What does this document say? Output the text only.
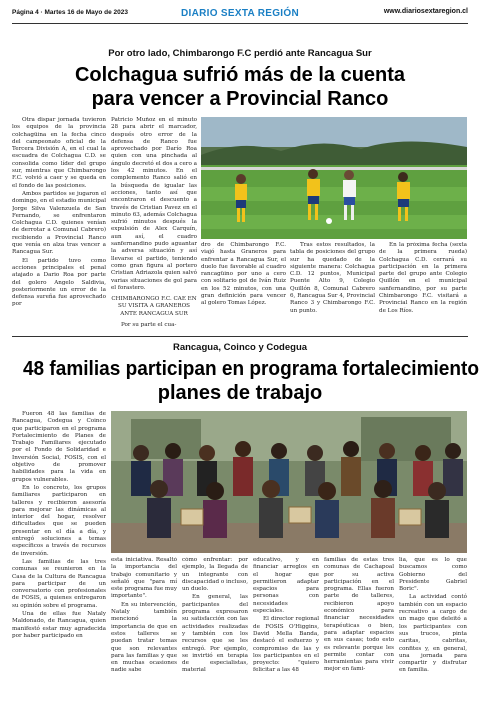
Página 4 · Martes 16 de Mayo de 2023	DIARIO SEXTA REGIÓN	www.diariosextaregion.cl
Por otro lado, Chimbarongo F.C perdió ante Rancagua Sur
Colchagua sufrió más de la cuenta
para vencer a Provincial Ranco

Otra dispar jornada tuvieron los equipos de la provincia colchagüina en la fecha cinco del campeonato oficial de la Tercera División A, en el cual la escuadra de Colchagua C.D. se consolida como líder del grupo sur, mientras que Chimbarongo F.C. volvió a caer y se queda en el fondo de las posiciones.

Ambos partidos se jugaron el domingo, en el estadio municipal Jorge Silva Valenzuela de San Fernando, se enfrentaron Colchagua C.D. quienes venían de derrotar a Comunal Cabrero) recibiendo a Provincial Ranco que venía en alza tras vencer a Rancagua Sur.

El partido tuvo como acciones principales el penal atajado a Dario Roa por parte del golero Angelo Saldivia, posteriormente un error de la defensa sureña fue aprovechado por

Patricio Muñoz en el minuto 28 para abrir el marcador, después otro error de la defensa de Ranco fue aprovechado por Darío Roa quien con una pinchada al ángulo decretó el dos a cero a los 42 minutos. En el complemento Ranco salió en la búsqueda de igualar las acciones, tanto así que encontraron el descuento a través de Cristian Pavez en el minuto 63, además Colchagua sufrió minutos después la expulsión de Alex Carquín, aun así, el cuadro sanfernandino pudo aguantar la adversa situación y así llevarse el partido, teniendo como gran figura al portero Cristian Adriazola quien salvó varias situaciones de gol para el forastero.

CHIMBARONGO F.C. CAE EN SU VISITA A GRANEROS ANTE RANCAGUA SUR

Por su parte el cua-

dro de Chimbarongo F.C. viajó hasta Graneros para enfrentar a Rancagua Sur, el duelo fue favorable al cuadro rancagüino por uno a cero con solitario gol de Iván Ruiz en los 52 minutos, con una gran definición para vencer al golero Tomas López.

Tras estos resultados, la tabla de posiciones del grupo sur ha quedado de la siguiente manera: Colchagua C.D. 12 puntos, Municipal Puente Alto 9, Colegio Quillón 8, Comunal Cabrero 6, Rancagua Sur 4, Provincial Ranco 3 y Chimbarongo F.C. un punto.

En la próxima fecha (sexta de la primera rueda) Colchagua C.D. cerrará su participación en la primera parte del grupo ante Colegio Quillón en el municipal sanfernandino, por su parte Chimbarongo F.C. visitará a Provincial Ranco en la región de Los Ríos.

Rancagua, Coinco y Codegua
48 familias participan en programa fortalecimiento
planes de trabajo

Fueron 48 las familias de Rancagua, Codegua y Coinco que participaron en el programa Fortalecimiento de Planes de Trabajo Familiares ejecutado por el Fondo de Solidaridad e Inversión Social, FOSIS, con el objetivo de promover habilidades para la vida en grupos vulnerables.

En lo concreto, los grupos familiares participaron en talleres y recibieron asesoría para mejorar las dinámicas al interior del hogar, resolver dificultades que se pueden presentar en el día a día, y entregó soluciones a temas específicos a través de recursos de inversión.

Las familias de las tres comunas se reunieron en la Casa de la Cultura de Rancagua para participar de un conversatorio con profesionales de FOSIS, a quienes entregaron su opinión sobre el programa.

Una de ellas fue Nataly Maldonado, de Rancagua, quien manifestó estar muy agradecida por haber participado en

esta iniciativa. Resaltó la importancia del trabajo comunitario y señaló que "para mí este programa fue muy importante".

En su intervención, Nataly también mencionó la importancia de que en estos talleres se puedan tratar temas que son relevantes para las familias y que en muchas ocasiones nadie sabe

cómo enfrentar: por ejemplo, la llegada de un integrante con discapacidad o incluso, un duelo.

En general, las participantes del programa expresaron su satisfacción con las actividades realizadas y también con los recursos que se les entregó. Por ejemplo, se invirtió en terapia de especialistas, material

educativo, y en financiar arreglos en el hogar que permitieron adaptar espacios para personas con necesidades especiales.

El director regional de FOSIS O'Higgins, David Mella Banda, destacó el esfuerzo y compromiso de las y los participantes en el proyecto: "quiero felicitar a las 48

familias de estas tres comunas de Cachapoal por su activa participación en el programa. Ellas fueron parte de talleres, recibieron apoyo económico para financiar necesidades terapéuticas o bien, para adaptar espacios en sus casas; todo esto es relevante porque les permite contar con herramientas para vivir mejor en fami-

lia, que es lo que buscamos como Gobierno del Presidente Gabriel Boric".

La actividad contó también con un espacio recreativo a cargo de un mago que deleitó a los participantes con sus trucos, pinta caritas, cabritas, confites y, en general, una jornada para compartir y disfrutar en familia.
